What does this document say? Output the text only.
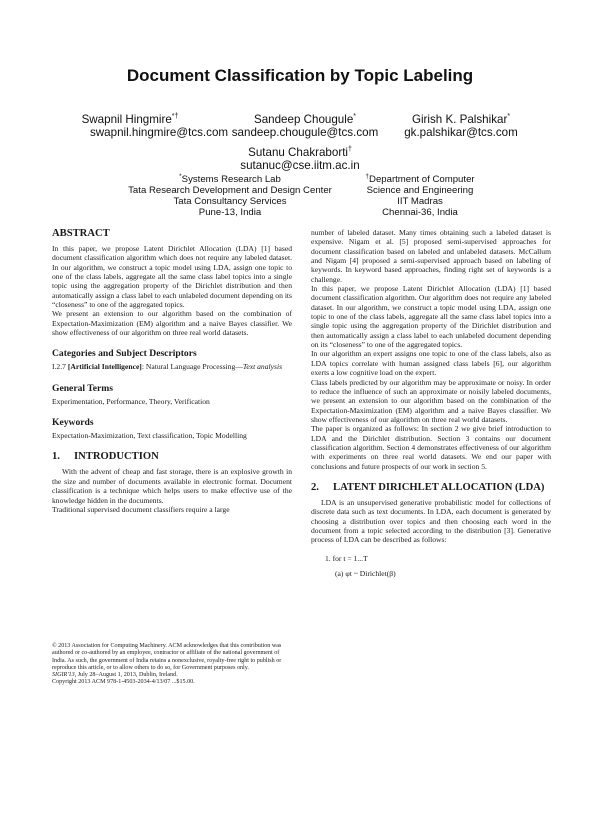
Document Classification by Topic Labeling
Swapnil Hingmire*†
swapnil.hingmire@tcs.com
Sandeep Chougule*
sandeep.chougule@tcs.com
Girish K. Palshikar*
gk.palshikar@tcs.com
Sutanu Chakraborti†
sutanuc@cse.iitm.ac.in
*Systems Research Lab
Tata Research Development and Design Center
Tata Consultancy Services
Pune-13, India
†Department of Computer
Science and Engineering
IIT Madras
Chennai-36, India
ABSTRACT

In this paper, we propose Latent Dirichlet Allocation (LDA) [1] based document classification algorithm which does not require any labeled dataset. In our algorithm, we construct a topic model using LDA, assign one topic to one of the class labels, aggregate all the same class label topics into a single topic using the aggregation property of the Dirichlet distribution and then automatically assign a class label to each unlabeled document depending on its “closeness” to one of the aggregated topics.

We present an extension to our algorithm based on the combination of Expectation-Maximization (EM) algorithm and a naive Bayes classifier. We show effectiveness of our algorithm on three real world datasets.

Categories and Subject Descriptors

I.2.7 [Artificial Intelligence]: Natural Language Processing—Text analysis

General Terms

Experimentation, Performance, Theory, Verification

Keywords

Expectation-Maximization, Text classification, Topic Modelling

1. INTRODUCTION

With the advent of cheap and fast storage, there is an explosive growth in the size and number of documents available in electronic format. Document classification is a technique which helps users to make effective use of the knowledge hidden in the documents.

Traditional supervised document classifiers require a large

© 2013 Association for Computing Machinery. ACM acknowledges that this contribution was authored or co-authored by an employee, contractor or affiliate of the national government of India. As such, the government of India retains a nonexclusive, royalty-free right to publish or reproduce this article, or to allow others to do so, for Government purposes only.

SIGIR'13, July 28–August 1, 2013, Dublin, Ireland.

Copyright 2013 ACM 978-1-4503-2034-4/13/07 ...$15.00.

number of labeled dataset. Many times obtaining such a labeled dataset is expensive. Nigam et al. [5] proposed semi-supervised approaches for document classification based on labeled and unlabeled datasets. McCallum and Nigam [4] proposed a semi-supervised approach based on labeling of keywords. In keyword based approaches, finding right set of keywords is a challenge.

In this paper, we propose Latent Dirichlet Allocation (LDA) [1] based document classification algorithm. Our algorithm does not require any labeled dataset. In our algorithm, we construct a topic model using LDA, assign one topic to one of the class labels, aggregate all the same class label topics into a single topic using the aggregation property of the Dirichlet distribution and then automatically assign a class label to each unlabeled document depending on its “closeness” to one of the aggregated topics.

In our algorithm an expert assigns one topic to one of the class labels, also as LDA topics correlate with human assigned class labels [6], our algorithm exerts a low cognitive load on the expert.

Class labels predicted by our algorithm may be approximate or noisy. In order to reduce the influence of such an approximate or noisily labeled documents, we present an extension to our algorithm based on the combination of the Expectation-Maximization (EM) algorithm and a naive Bayes classifier. We show effectiveness of our algorithm on three real world datasets.

The paper is organized as follows: In section 2 we give brief introduction to LDA and the Dirichlet distribution. Section 3 contains our document classification algorithm. Section 4 demonstrates effectiveness of our algorithm with experiments on three real world datasets. We end our paper with conclusions and future prospects of our work in section 5.

2.	LATENT DIRICHLET ALLOCATION (LDA)

LDA is an unsupervised generative probabilistic model for collections of discrete data such as text documents. In LDA, each document is generated by choosing a distribution over topics and then choosing each word in the document from a topic selected according to the distribution [3]. Generative process of LDA can be described as follows:

1. for t = 1...T
(a) φt ~ Dirichlet(β)
